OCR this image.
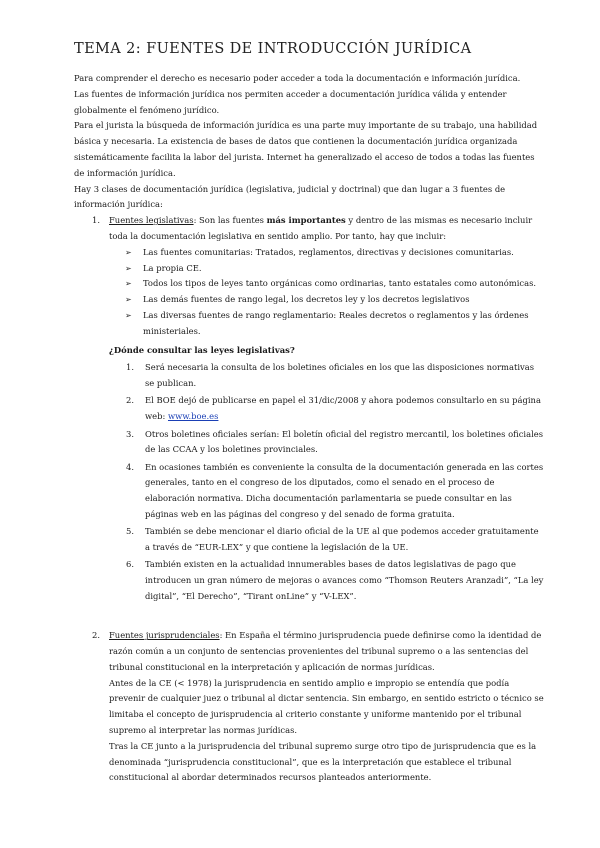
TEMA 2: FUENTES DE INTRODUCCIÓN JURÍDICA

Para comprender el derecho es necesario poder acceder a toda la documentación e información jurídica.

Las fuentes de información jurídica nos permiten acceder a documentación jurídica válida y entender globalmente el fenómeno jurídico.

Para el jurista la búsqueda de información jurídica es una parte muy importante de su trabajo, una habilidad básica y necesaria. La existencia de bases de datos que contienen la documentación jurídica organizada sistemáticamente facilita la labor del jurista. Internet ha generalizado el acceso de todos a todas las fuentes de información jurídica.

Hay 3 clases de documentación jurídica (legislativa, judicial y doctrinal) que dan lugar a 3 fuentes de información jurídica:

1. Fuentes legislativas: Son las fuentes más importantes y dentro de las mismas es necesario incluir toda la documentación legislativa en sentido amplio. Por tanto, hay que incluir:

➢ Las fuentes comunitarias: Tratados, reglamentos, directivas y decisiones comunitarias.
➢ La propia CE.
➢ Todos los tipos de leyes tanto orgánicas como ordinarias, tanto estatales como autonómicas.
➢ Las demás fuentes de rango legal, los decretos ley y los decretos legislativos
➢ Las diversas fuentes de rango reglamentario: Reales decretos o reglamentos y las órdenes ministeriales.
¿Dónde consultar las leyes legislativas?
1. Será necesaria la consulta de los boletines oficiales en los que las disposiciones normativas se publican.
2. El BOE dejó de publicarse en papel el 31/dic/2008 y ahora podemos consultarlo en su página web: www.boe.es
3. Otros boletines oficiales serían: El boletín oficial del registro mercantil, los boletines oficiales de las CCAA y los boletines provinciales.
4. En ocasiones también es conveniente la consulta de la documentación generada en las cortes generales, tanto en el congreso de los diputados, como el senado en el proceso de elaboración normativa. Dicha documentación parlamentaria se puede consultar en las páginas web en las páginas del congreso y del senado de forma gratuita.
5. También se debe mencionar el diario oficial de la UE al que podemos acceder gratuitamente a través de “EUR-LEX” y que contiene la legislación de la UE.
6. También existen en la actualidad innumerables bases de datos legislativas de pago que introducen un gran número de mejoras o avances como “Thomson Reuters Aranzadi”, “La ley digital”, “El Derecho”, “Tirant onLine” y “V-LEX”.
2. Fuentes jurisprudenciales: En España el término jurisprudencia puede definirse como la identidad de razón común a un conjunto de sentencias provenientes del tribunal supremo o a las sentencias del tribunal constitucional en la interpretación y aplicación de normas jurídicas.

Antes de la CE (< 1978) la jurisprudencia en sentido amplio e impropio se entendía que podía prevenir de cualquier juez o tribunal al dictar sentencia. Sin embargo, en sentido estricto o técnico se limitaba el concepto de jurisprudencia al criterio constante y uniforme mantenido por el tribunal supremo al interpretar las normas jurídicas.

Tras la CE junto a la jurisprudencia del tribunal supremo surge otro tipo de jurisprudencia que es la denominada “jurisprudencia constitucional”, que es la interpretación que establece el tribunal constitucional al abordar determinados recursos planteados anteriormente.
